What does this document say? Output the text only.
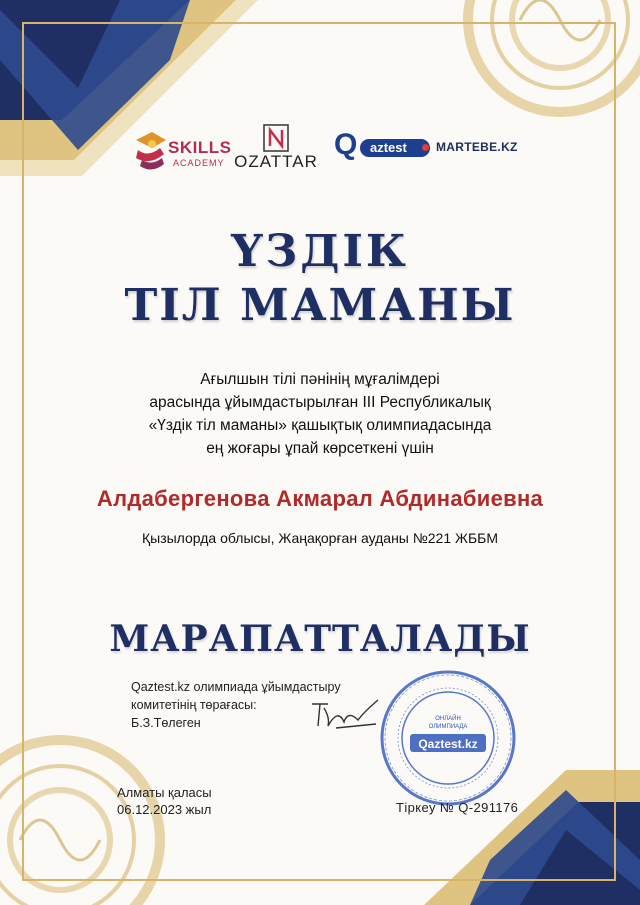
SKILLS
ACADEMY OZATTAR
Q aztest MARTEBE.KZ
ҮЗДІК
ТІЛ МАМАНЫ
Ағылшын тілі пәнінің мұғалімдері
арасында ұйымдастырылған III Республикалық
«Үздік тіл маманы» қашықтық олимпиадасында
ең жоғары ұпай көрсеткені үшін
Алдабергенова Акмарал Абдинабиевна
Қызылорда облысы, Жаңақорған ауданы №221 ЖББМ
МАРАПАТТАЛАДЫ
Qaztest.kz олимпиада ұйымдастыру
комитетінің төрағасы:
Б.З.Төлеген	ОНЛАЙН
ОЛИМПИАДА
Qaztest.kz
Алматы қаласы
06.12.2023 жыл	Тіркеу № Q-291176
